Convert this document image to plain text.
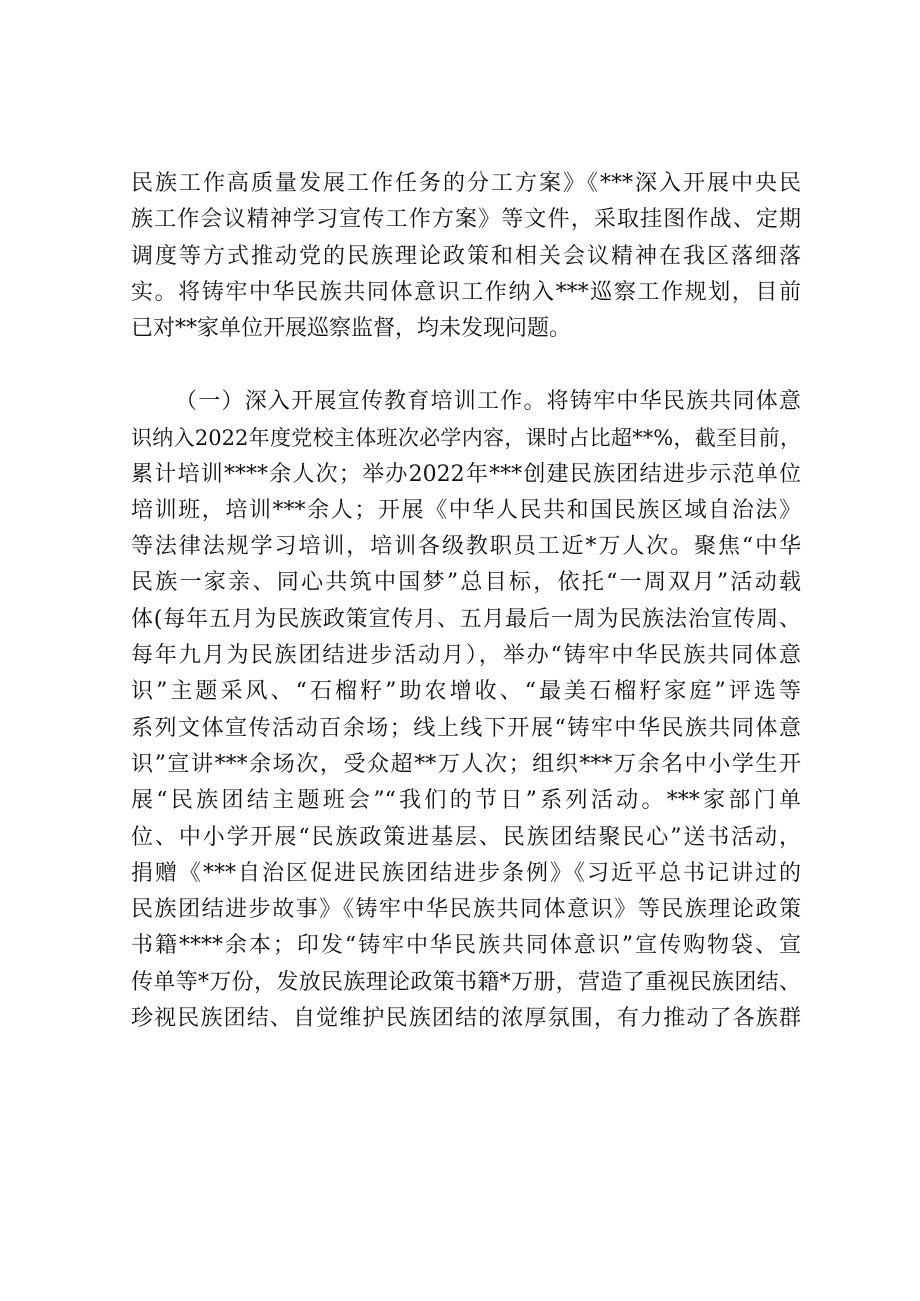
民族工作高质量发展工作任务的分工方案》《***深入开展中央民
族工作会议精神学习宣传工作方案》等文件，采取挂图作战、定期
调度等方式推动党的民族理论政策和相关会议精神在我区落细落
实。将铸牢中华民族共同体意识工作纳入***巡察工作规划，目前
已对**家单位开展巡察监督，均未发现问题。
（一）深入开展宣传教育培训工作。将铸牢中华民族共同体意
识纳入2022年度党校主体班次必学内容，课时占比超**%，截至目前，
累计培训****余人次；举办2022年***创建民族团结进步示范单位
培训班，培训***余人；开展《中华人民共和国民族区域自治法》
等法律法规学习培训，培训各级教职员工近*万人次。聚焦“中华
民族一家亲、同心共筑中国梦”总目标，依托“一周双月”活动载
体(每年五月为民族政策宣传月、五月最后一周为民族法治宣传周、
每年九月为民族团结进步活动月），举办“铸牢中华民族共同体意
识”主题采风、“石榴籽”助农增收、“最美石榴籽家庭”评选等
系列文体宣传活动百余场；线上线下开展“铸牢中华民族共同体意
识”宣讲***余场次，受众超**万人次；组织***万余名中小学生开
展“民族团结主题班会”“我们的节日”系列活动。***家部门单
位、中小学开展“民族政策进基层、民族团结聚民心”送书活动，
捐赠《***自治区促进民族团结进步条例》《习近平总书记讲过的
民族团结进步故事》《铸牢中华民族共同体意识》等民族理论政策
书籍****余本；印发“铸牢中华民族共同体意识”宣传购物袋、宣
传单等*万份，发放民族理论政策书籍*万册，营造了重视民族团结、
珍视民族团结、自觉维护民族团结的浓厚氛围，有力推动了各族群
